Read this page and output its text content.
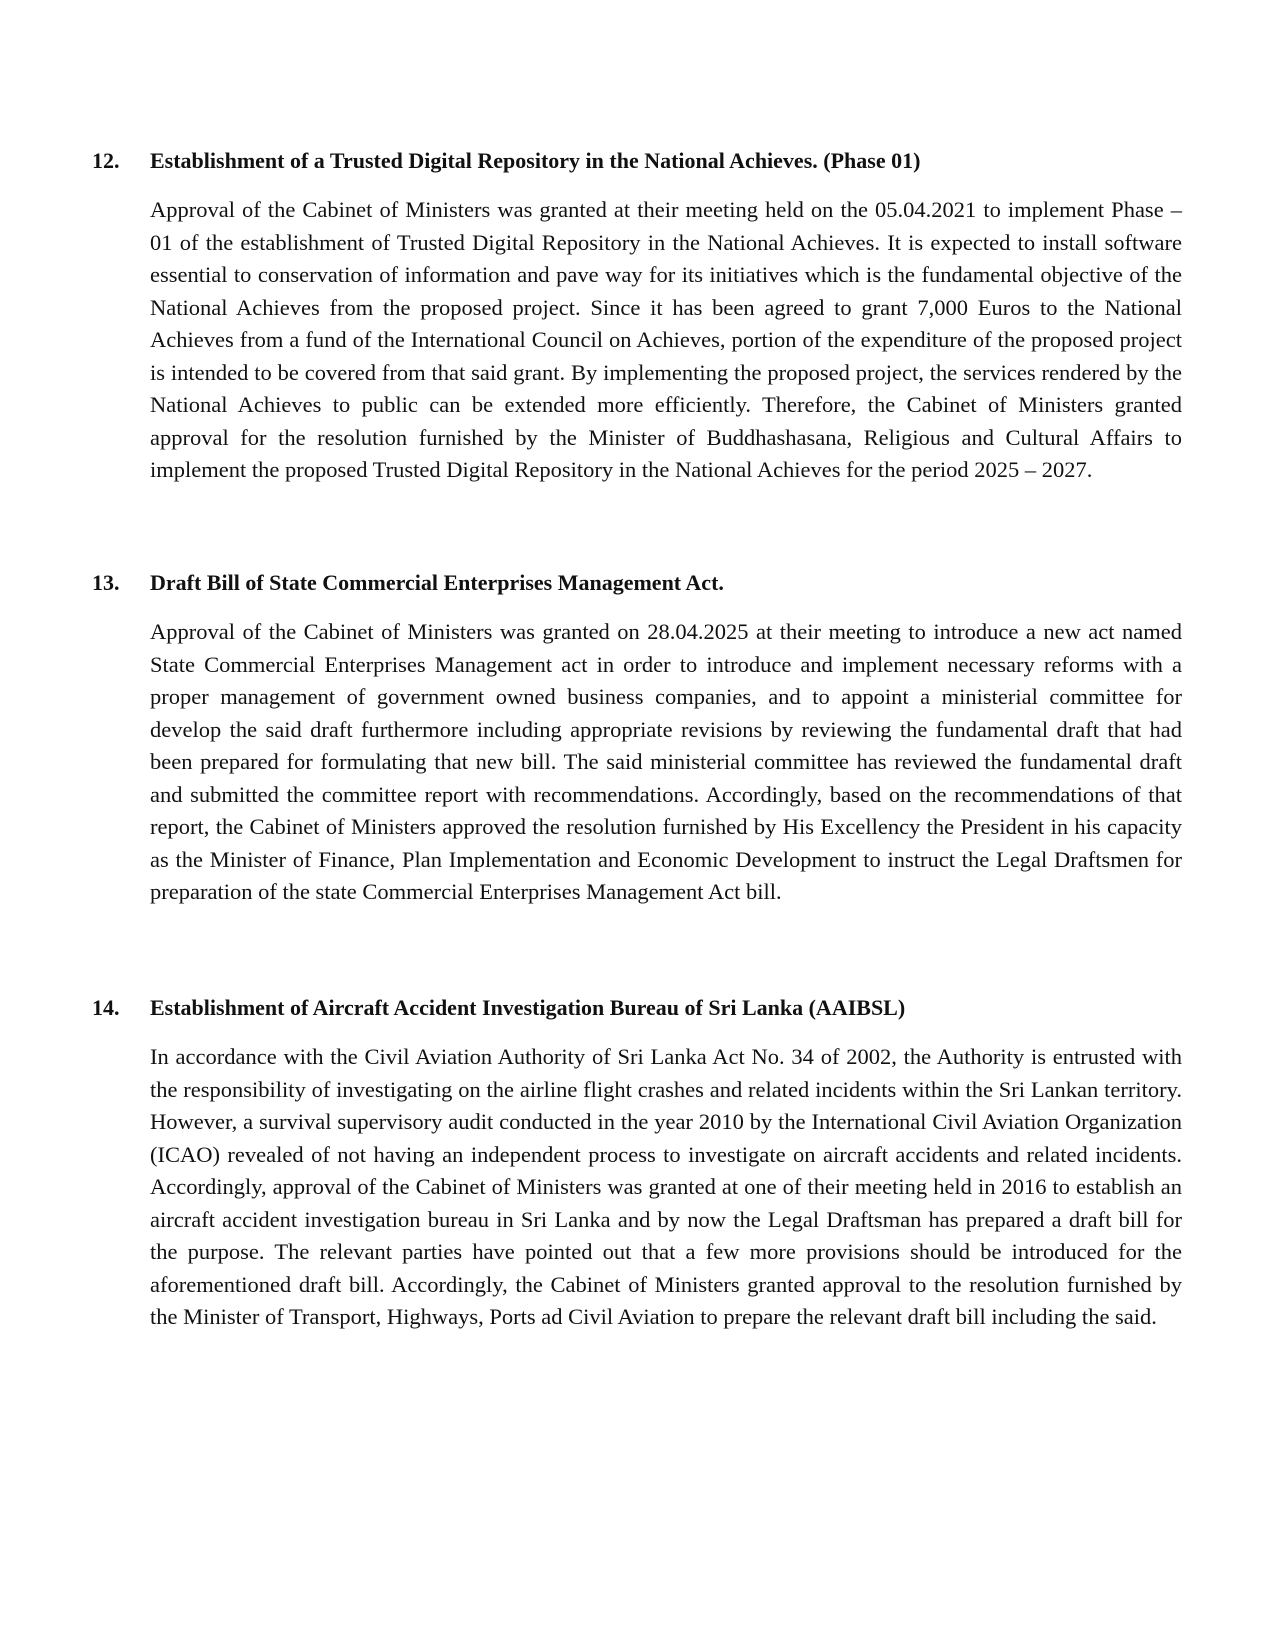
12. Establishment of a Trusted Digital Repository in the National Achieves. (Phase 01)

Approval of the Cabinet of Ministers was granted at their meeting held on the 05.04.2021 to implement Phase – 01 of the establishment of Trusted Digital Repository in the National Achieves. It is expected to install software essential to conservation of information and pave way for its initiatives which is the fundamental objective of the National Achieves from the proposed project. Since it has been agreed to grant 7,000 Euros to the National Achieves from a fund of the International Council on Achieves, portion of the expenditure of the proposed project is intended to be covered from that said grant. By implementing the proposed project, the services rendered by the National Achieves to public can be extended more efficiently. Therefore, the Cabinet of Ministers granted approval for the resolution furnished by the Minister of Buddhashasana, Religious and Cultural Affairs to implement the proposed Trusted Digital Repository in the National Achieves for the period 2025 – 2027.

13. Draft Bill of State Commercial Enterprises Management Act.

Approval of the Cabinet of Ministers was granted on 28.04.2025 at their meeting to introduce a new act named State Commercial Enterprises Management act in order to introduce and implement necessary reforms with a proper management of government owned business companies, and to appoint a ministerial committee for develop the said draft furthermore including appropriate revisions by reviewing the fundamental draft that had been prepared for formulating that new bill. The said ministerial committee has reviewed the fundamental draft and submitted the committee report with recommendations. Accordingly, based on the recommendations of that report, the Cabinet of Ministers approved the resolution furnished by His Excellency the President in his capacity as the Minister of Finance, Plan Implementation and Economic Development to instruct the Legal Draftsmen for preparation of the state Commercial Enterprises Management Act bill.

14. Establishment of Aircraft Accident Investigation Bureau of Sri Lanka (AAIBSL)

In accordance with the Civil Aviation Authority of Sri Lanka Act No. 34 of 2002, the Authority is entrusted with the responsibility of investigating on the airline flight crashes and related incidents within the Sri Lankan territory. However, a survival supervisory audit conducted in the year 2010 by the International Civil Aviation Organization (ICAO) revealed of not having an independent process to investigate on aircraft accidents and related incidents. Accordingly, approval of the Cabinet of Ministers was granted at one of their meeting held in 2016 to establish an aircraft accident investigation bureau in Sri Lanka and by now the Legal Draftsman has prepared a draft bill for the purpose. The relevant parties have pointed out that a few more provisions should be introduced for the aforementioned draft bill. Accordingly, the Cabinet of Ministers granted approval to the resolution furnished by the Minister of Transport, Highways, Ports ad Civil Aviation to prepare the relevant draft bill including the said.
